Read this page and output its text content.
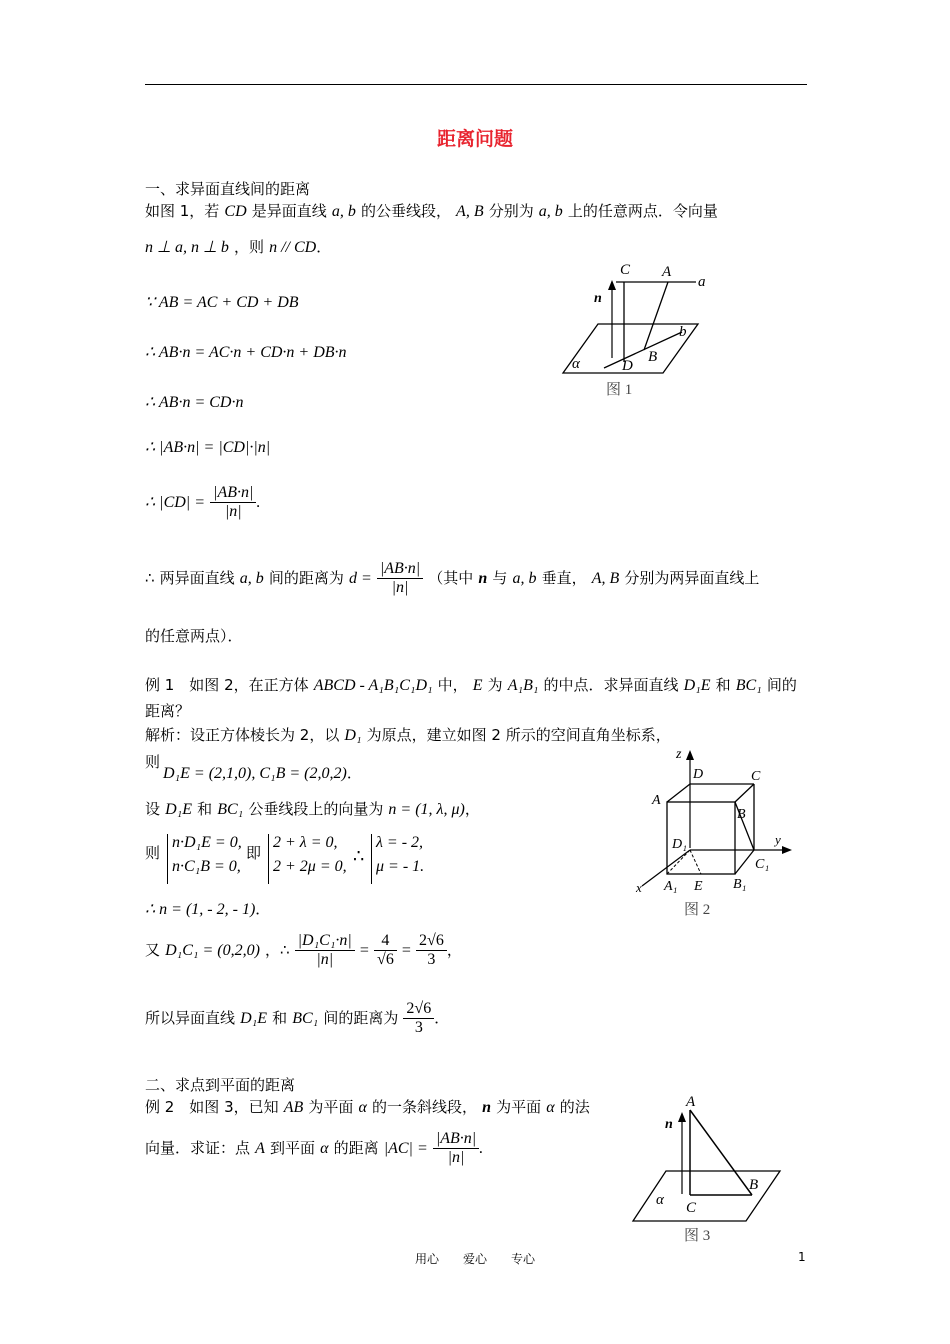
距离问题
一、求异面直线间的距离
如图 1，若 CD 是异面直线 a, b 的公垂线段， A, B 分别为 a, b 上的任意两点．令向量
n ⊥ a, n ⊥ b ，则 n // CD．
∵ AB = AC + CD + DB
∴ AB·n = AC·n + CD·n + DB·n
∴ AB·n = CD·n
∴ |AB·n| = |CD|·|n|
∴ $|CD| = \frac{|AB\cdot n|}{|n|}$ .
∴ 两异面直线 a, b 间的距离为 $d = \frac{|AB\cdot n|}{|n|}$ （其中 n 与 a, b 垂直， A, B 分别为两异面直线上
的任意两点）．
C A
a
n
b
B
D
α
图 1
例 1　如图 2，在正方体 ABCD - A₁B₁C₁D₁ 中， E 为 A₁B₁ 的中点．求异面直线 D₁E 和 BC₁ 间的
距离？
解析：设正方体棱长为 2，以 D₁ 为原点，建立如图 2 所示的空间直角坐标系，
则
D₁E = (2,1,0), C₁B = (2,0,2)．
设 D₁E 和 BC₁ 公垂线段上的向量为 n = (1, λ, μ)，
则
n·D₁E = 0,
n·C₁B = 0,
即
2 + λ = 0,
2 + 2μ = 0, ∴
λ = - 2,
μ = - 1.
∴ n = (1, - 2, - 1)．
又 D₁C₁ = (0,2,0) ，∴ $\frac{\text{|D₁C₁·n|}}{|n|} = \frac{4}{√6} = \frac{2√6}{3}$ ，
所以异面直线 D₁E 和 BC₁ 间的距离为 $\frac{2√6}{3}$ ．
z
D	C
A
B
D₁	y
C₁
x A₁ E B₁
图 2
二、求点到平面的距离
例 2　如图 3，已知 AB 为平面 α 的一条斜线段， n 为平面 α 的法
向量．求证：点 A 到平面 α 的距离 $|AC| = \frac{|AB\cdot n|}{|n|}$ .
A
n
B
α C
图 3
用心　　爱心　　专心	1
